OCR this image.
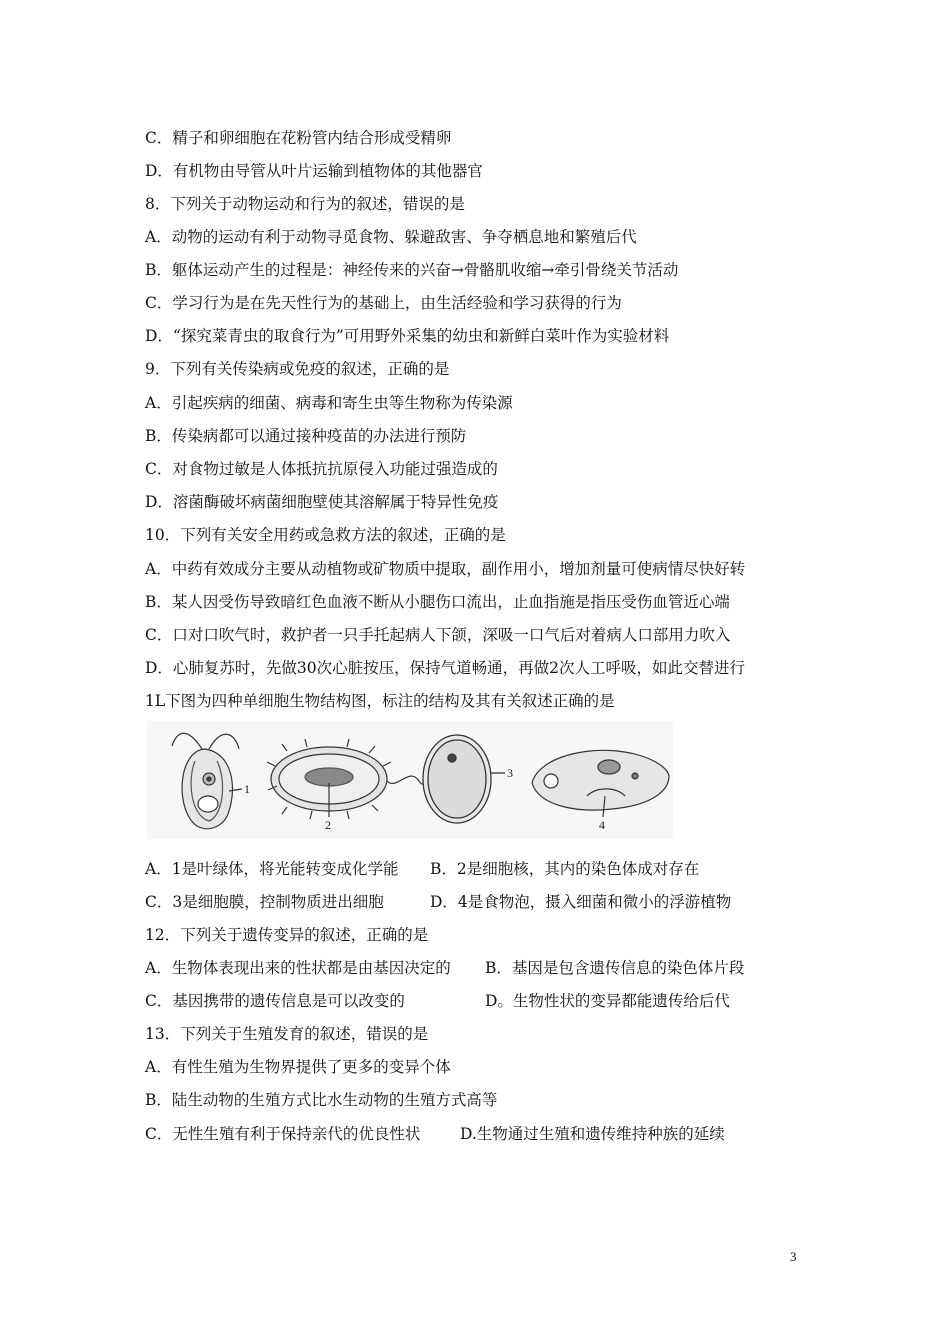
C．精子和卵细胞在花粉管内结合形成受精卵

D．有机物由导管从叶片运输到植物体的其他器官

8．下列关于动物运动和行为的叙述，错误的是

A．动物的运动有利于动物寻觅食物、躲避敌害、争夺栖息地和繁殖后代

B．躯体运动产生的过程是：神经传来的兴奋→骨骼肌收缩→牵引骨绕关节活动

C．学习行为是在先天性行为的基础上，由生活经验和学习获得的行为

D．“探究菜青虫的取食行为”可用野外采集的幼虫和新鲜白菜叶作为实验材料

9．下列有关传染病或免疫的叙述，正确的是

A．引起疾病的细菌、病毒和寄生虫等生物称为传染源

B．传染病都可以通过接种疫苗的办法进行预防

C．对食物过敏是人体抵抗抗原侵入功能过强造成的

D．溶菌酶破坏病菌细胞壁使其溶解属于特异性免疫

10．下列有关安全用药或急救方法的叙述，正确的是

A．中药有效成分主要从动植物或矿物质中提取，副作用小，增加剂量可使病情尽快好转

B．某人因受伤导致暗红色血液不断从小腿伤口流出，止血指施是指压受伤血管近心端

C．口对口吹气时，救护者一只手托起病人下颌，深吸一口气后对着病人口部用力吹入

D．心肺复苏时，先做30次心脏按压，保持气道畅通，再做2次人工呼吸，如此交替进行

1L下图为四种单细胞生物结构图，标注的结构及其有关叙述正确的是

1
2
3
4
A．1是叶绿体，将光能转变成化学能 B．2是细胞核，其内的染色体成对存在
C．3是细胞膜，控制物质进出细胞	D．4是食物泡，摄入细菌和微小的浮游植物

12．下列关于遗传变异的叙述，正确的是

A．生物体表现出来的性状都是由基因决定的 B．基因是包含遗传信息的染色体片段
C．基因携带的遗传信息是可以改变的	D。生物性状的变异都能遗传给后代

13．下列关于生殖发育的叙述，错误的是

A．有性生殖为生物界提供了更多的变异个体

B．陆生动物的生殖方式比水生动物的生殖方式高等

C．无性生殖有利于保持亲代的优良性状	D.生物通过生殖和遗传维持种族的延续
3
